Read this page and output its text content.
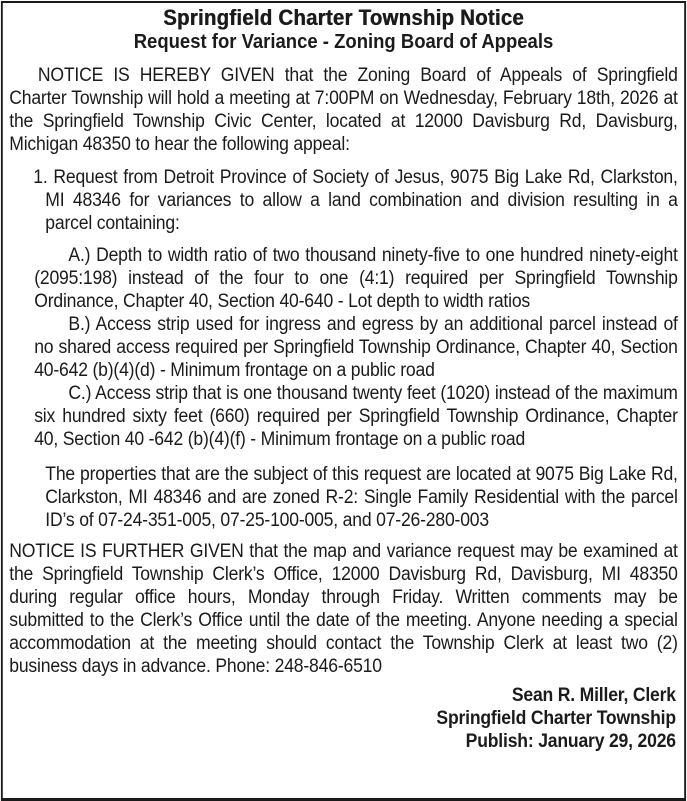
Springfield Charter Township Notice
Request for Variance - Zoning Board of Appeals

NOTICE IS HEREBY GIVEN that the Zoning Board of Appeals of Springfield Charter Township will hold a meeting at 7:00PM on Wednesday, February 18th, 2026 at the Springfield Township Civic Center, located at 12000 Davisburg Rd, Davisburg, Michigan 48350 to hear the following appeal:

1. Request from Detroit Province of Society of Jesus, 9075 Big Lake Rd, Clarkston, MI 48346 for variances to allow a land combination and division resulting in a parcel containing:

A.) Depth to width ratio of two thousand ninety-five to one hundred ninety-eight (2095:198) instead of the four to one (4:1) required per Springfield Township Ordinance, Chapter 40, Section 40-640 - Lot depth to width ratios

B.) Access strip used for ingress and egress by an additional parcel instead of no shared access required per Springfield Township Ordinance, Chapter 40, Section 40-642 (b)(4)(d) - Minimum frontage on a public road

C.) Access strip that is one thousand twenty feet (1020) instead of the maximum six hundred sixty feet (660) required per Springfield Township Ordinance, Chapter 40, Section 40 -642 (b)(4)(f) - Minimum frontage on a public road

The properties that are the subject of this request are located at 9075 Big Lake Rd, Clarkston, MI 48346 and are zoned R-2: Single Family Residential with the parcel ID’s of 07-24-351-005, 07-25-100-005, and 07-26-280-003

NOTICE IS FURTHER GIVEN that the map and variance request may be examined at the Springfield Township Clerk’s Office, 12000 Davisburg Rd, Davisburg, MI 48350 during regular office hours, Monday through Friday. Written comments may be submitted to the Clerk’s Office until the date of the meeting. Anyone needing a special accommodation at the meeting should contact the Township Clerk at least two (2) business days in advance. Phone: 248-846-6510

Sean R. Miller, Clerk
Springfield Charter Township
Publish: January 29, 2026
